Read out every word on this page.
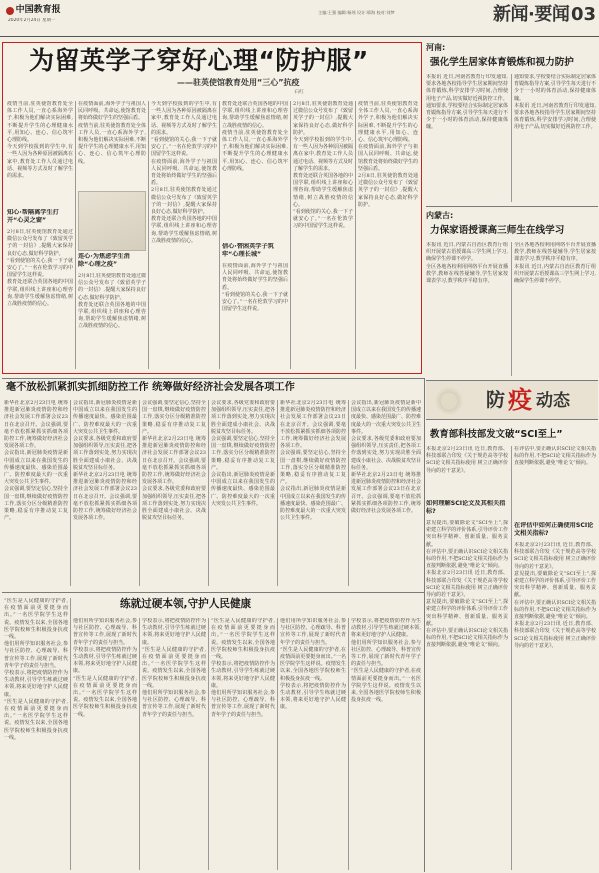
中国教育报
2020年2月24日 星期一
主编:王强 编辑:杨瑶 设计:邢海 校对:刘梦	新闻·要闻 03
为留英学子穿好心理“防护服”
——驻英使馆教育处用“三心”抗疫
石红

疫情当前,驻英使馆教育处全体工作人员,一直心系海外学子,积极为他们解决实际困难,不断提升学生的心理健康水平,用知心、连心、信心筑牢心理防线。

今天到学校报到的学生中,有一些人因为各种原因被隔离在家中,教育处工作人员通过电话、视频等方式及时了解学生的需求。

知心·帮隔离学生打开“心灵之窗”

2月8日,驻英使馆教育处通过微信公众号发布了《致留英学子的一封信》,提醒大家保持良好心态,做好科学防护。

“看到使馆的关心,我一下子就安心了。”一名在伦敦学习的中国留学生这样说。

教育处还联合英国各地的中国学联,组织线上讲座和心理咨询,帮助学生缓解焦虑情绪,树立战胜疫情的信心。

在疫情面前,海外学子与祖国人民同呼吸、共命运,使馆教育处将始终做好学生的坚强后盾。

疫情当前,驻英使馆教育处全体工作人员,一直心系海外学子,积极为他们解决实际困难,不断提升学生的心理健康水平,用知心、连心、信心筑牢心理防线。

连心·为焦虑学生消除“心理之疫”

2月8日,驻英使馆教育处通过微信公众号发布了《致留英学子的一封信》,提醒大家保持良好心态,做好科学防护。

教育处还联合英国各地的中国学联,组织线上讲座和心理咨询,帮助学生缓解焦虑情绪,树立战胜疫情的信心。

今天到学校报到的学生中,有一些人因为各种原因被隔离在家中,教育处工作人员通过电话、视频等方式及时了解学生的需求。

“看到使馆的关心,我一下子就安心了。”一名在伦敦学习的中国留学生这样说。

在疫情面前,海外学子与祖国人民同呼吸、共命运,使馆教育处将始终做好学生的坚强后盾。

2月8日,驻英使馆教育处通过微信公众号发布了《致留英学子的一封信》,提醒大家保持良好心态,做好科学防护。

教育处还联合英国各地的中国学联,组织线上讲座和心理咨询,帮助学生缓解焦虑情绪,树立战胜疫情的信心。

教育处还联合英国各地的中国学联,组织线上讲座和心理咨询,帮助学生缓解焦虑情绪,树立战胜疫情的信心。

疫情当前,驻英使馆教育处全体工作人员,一直心系海外学子,积极为他们解决实际困难,不断提升学生的心理健康水平,用知心、连心、信心筑牢心理防线。

信心·替困英学子筑牢“心理长城”

在疫情面前,海外学子与祖国人民同呼吸、共命运,使馆教育处将始终做好学生的坚强后盾。

“看到使馆的关心,我一下子就安心了。”一名在伦敦学习的中国留学生这样说。

2月8日,驻英使馆教育处通过微信公众号发布了《致留英学子的一封信》,提醒大家保持良好心态,做好科学防护。

今天到学校报到的学生中,有一些人因为各种原因被隔离在家中,教育处工作人员通过电话、视频等方式及时了解学生的需求。

教育处还联合英国各地的中国学联,组织线上讲座和心理咨询,帮助学生缓解焦虑情绪,树立战胜疫情的信心。

“看到使馆的关心,我一下子就安心了。”一名在伦敦学习的中国留学生这样说。

疫情当前,驻英使馆教育处全体工作人员,一直心系海外学子,积极为他们解决实际困难,不断提升学生的心理健康水平,用知心、连心、信心筑牢心理防线。

在疫情面前,海外学子与祖国人民同呼吸、共命运,使馆教育处将始终做好学生的坚强后盾。

2月8日,驻英使馆教育处通过微信公众号发布了《致留英学子的一封信》,提醒大家保持良好心态,做好科学防护。

河南:
强化学生居家体育锻炼和视力防护

本报讯 近日,河南省教育厅印发通知,要求各地各校指导学生居家期间坚持体育锻炼,科学安排学习时间,合理使用电子产品,切实做好近视防控工作。

通知要求,学校要结合实际制定居家体育锻炼指导方案,引导学生每天进行不少于一小时的体育活动,保持健康体魄。

通知要求,学校要结合实际制定居家体育锻炼指导方案,引导学生每天进行不少于一小时的体育活动,保持健康体魄。

本报讯 近日,河南省教育厅印发通知,要求各地各校指导学生居家期间坚持体育锻炼,科学安排学习时间,合理使用电子产品,切实做好近视防控工作。

内蒙古:
力保家语授课高三师生在线学习

本报讯 近日,内蒙古自治区教育厅组织开展蒙古语授课高三学生网上学习,确保学生停课不停学。

全区各地各校利用网络平台开展直播教学,教师在线答疑辅导,学生居家按课表学习,教学秩序平稳有序。

全区各地各校利用网络平台开展直播教学,教师在线答疑辅导,学生居家按课表学习,教学秩序平稳有序。

本报讯 近日,内蒙古自治区教育厅组织开展蒙古语授课高三学生网上学习,确保学生停课不停学。

毫不放松抓紧抓实抓细防控工作 统筹做好经济社会发展各项工作

新华社北京2月23日电 统筹推进新冠肺炎疫情防控和经济社会发展工作部署会议23日在北京召开。会议强调,要毫不放松抓紧抓实抓细各项防控工作,统筹做好经济社会发展各项工作。

会议指出,新冠肺炎疫情是新中国成立以来在我国发生的传播速度最快、感染范围最广、防控难度最大的一次重大突发公共卫生事件。

会议强调,要坚定信心,坚持全国一盘棋,继续做好疫情防控工作,落实分区分级精准防控策略,稳妥有序推动复工复产。

会议指出,新冠肺炎疫情是新中国成立以来在我国发生的传播速度最快、感染范围最广、防控难度最大的一次重大突发公共卫生事件。

会议要求,各级党委和政府要加强组织领导,压实责任,把各项工作落到实处,努力实现决胜全面建成小康社会、决战脱贫攻坚目标任务。

新华社北京2月23日电 统筹推进新冠肺炎疫情防控和经济社会发展工作部署会议23日在北京召开。会议强调,要毫不放松抓紧抓实抓细各项防控工作,统筹做好经济社会发展各项工作。

会议强调,要坚定信心,坚持全国一盘棋,继续做好疫情防控工作,落实分区分级精准防控策略,稳妥有序推动复工复产。

新华社北京2月23日电 统筹推进新冠肺炎疫情防控和经济社会发展工作部署会议23日在北京召开。会议强调,要毫不放松抓紧抓实抓细各项防控工作,统筹做好经济社会发展各项工作。

会议要求,各级党委和政府要加强组织领导,压实责任,把各项工作落到实处,努力实现决胜全面建成小康社会、决战脱贫攻坚目标任务。

会议要求,各级党委和政府要加强组织领导,压实责任,把各项工作落到实处,努力实现决胜全面建成小康社会、决战脱贫攻坚目标任务。

会议强调,要坚定信心,坚持全国一盘棋,继续做好疫情防控工作,落实分区分级精准防控策略,稳妥有序推动复工复产。

会议指出,新冠肺炎疫情是新中国成立以来在我国发生的传播速度最快、感染范围最广、防控难度最大的一次重大突发公共卫生事件。

新华社北京2月23日电 统筹推进新冠肺炎疫情防控和经济社会发展工作部署会议23日在北京召开。会议强调,要毫不放松抓紧抓实抓细各项防控工作,统筹做好经济社会发展各项工作。

会议强调,要坚定信心,坚持全国一盘棋,继续做好疫情防控工作,落实分区分级精准防控策略,稳妥有序推动复工复产。

会议指出,新冠肺炎疫情是新中国成立以来在我国发生的传播速度最快、感染范围最广、防控难度最大的一次重大突发公共卫生事件。

会议指出,新冠肺炎疫情是新中国成立以来在我国发生的传播速度最快、感染范围最广、防控难度最大的一次重大突发公共卫生事件。

会议要求,各级党委和政府要加强组织领导,压实责任,把各项工作落到实处,努力实现决胜全面建成小康社会、决战脱贫攻坚目标任务。

新华社北京2月23日电 统筹推进新冠肺炎疫情防控和经济社会发展工作部署会议23日在北京召开。会议强调,要毫不放松抓紧抓实抓细各项防控工作,统筹做好经济社会发展各项工作。

防 疫 动态
教育部科技部发文破“SCI至上”

本报北京2月23日讯 近日,教育部、科技部联合印发《关于规范高等学校SCI论文相关指标使用 树立正确评价导向的若干意见》。

如何理解SCI论文及其相关指标?

意见提出,要破除论文“SCI至上”,探索建立科学的评价体系,引导评价工作突出科学精神、创新质量、服务贡献。

在评估中,要正确认识SCI论文相关指标的作用,不把SCI论文相关指标作为直接判断依据,避免“唯论文”倾向。

本报北京2月23日讯 近日,教育部、科技部联合印发《关于规范高等学校SCI论文相关指标使用 树立正确评价导向的若干意见》。

意见提出,要破除论文“SCI至上”,探索建立科学的评价体系,引导评价工作突出科学精神、创新质量、服务贡献。

在评估中,要正确认识SCI论文相关指标的作用,不把SCI论文相关指标作为直接判断依据,避免“唯论文”倾向。

在评估中,要正确认识SCI论文相关指标的作用,不把SCI论文相关指标作为直接判断依据,避免“唯论文”倾向。

在评估中如何正确使用SCI论文相关指标?

本报北京2月23日讯 近日,教育部、科技部联合印发《关于规范高等学校SCI论文相关指标使用 树立正确评价导向的若干意见》。

意见提出,要破除论文“SCI至上”,探索建立科学的评价体系,引导评价工作突出科学精神、创新质量、服务贡献。

在评估中,要正确认识SCI论文相关指标的作用,不把SCI论文相关指标作为直接判断依据,避免“唯论文”倾向。

本报北京2月23日讯 近日,教育部、科技部联合印发《关于规范高等学校SCI论文相关指标使用 树立正确评价导向的若干意见》。

练就过硬本领,守护人民健康

“医生是人民健康的守护者,在疫情面前更要挺身而出。”一名医学院学生这样说。疫情发生以来,全国各地医学院校师生积极投身抗疫一线。

他们用所学知识服务社会,参与社区防控、心理疏导、科普宣传等工作,展现了新时代青年学子的责任与担当。

学校表示,将把疫情防控作为生动教材,引导学生练就过硬本领,将来更好地守护人民健康。

“医生是人民健康的守护者,在疫情面前更要挺身而出。”一名医学院学生这样说。疫情发生以来,全国各地医学院校师生积极投身抗疫一线。

他们用所学知识服务社会,参与社区防控、心理疏导、科普宣传等工作,展现了新时代青年学子的责任与担当。

学校表示,将把疫情防控作为生动教材,引导学生练就过硬本领,将来更好地守护人民健康。

“医生是人民健康的守护者,在疫情面前更要挺身而出。”一名医学院学生这样说。疫情发生以来,全国各地医学院校师生积极投身抗疫一线。

学校表示,将把疫情防控作为生动教材,引导学生练就过硬本领,将来更好地守护人民健康。

“医生是人民健康的守护者,在疫情面前更要挺身而出。”一名医学院学生这样说。疫情发生以来,全国各地医学院校师生积极投身抗疫一线。

他们用所学知识服务社会,参与社区防控、心理疏导、科普宣传等工作,展现了新时代青年学子的责任与担当。

“医生是人民健康的守护者,在疫情面前更要挺身而出。”一名医学院学生这样说。疫情发生以来,全国各地医学院校师生积极投身抗疫一线。

学校表示,将把疫情防控作为生动教材,引导学生练就过硬本领,将来更好地守护人民健康。

他们用所学知识服务社会,参与社区防控、心理疏导、科普宣传等工作,展现了新时代青年学子的责任与担当。

他们用所学知识服务社会,参与社区防控、心理疏导、科普宣传等工作,展现了新时代青年学子的责任与担当。

“医生是人民健康的守护者,在疫情面前更要挺身而出。”一名医学院学生这样说。疫情发生以来,全国各地医学院校师生积极投身抗疫一线。

学校表示,将把疫情防控作为生动教材,引导学生练就过硬本领,将来更好地守护人民健康。

学校表示,将把疫情防控作为生动教材,引导学生练就过硬本领,将来更好地守护人民健康。

他们用所学知识服务社会,参与社区防控、心理疏导、科普宣传等工作,展现了新时代青年学子的责任与担当。

“医生是人民健康的守护者,在疫情面前更要挺身而出。”一名医学院学生这样说。疫情发生以来,全国各地医学院校师生积极投身抗疫一线。
